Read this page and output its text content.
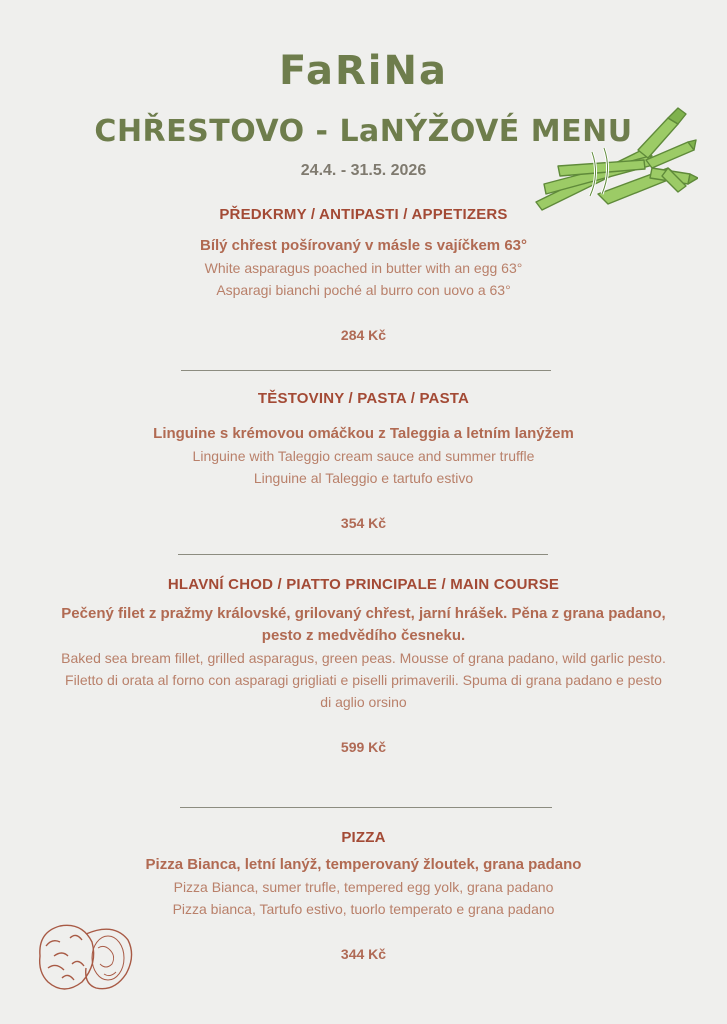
FaRiNa
CHŘESTOVO - LaNÝŽOVÉ MENU
24.4. - 31.5. 2026
PŘEDKRMY / ANTIPASTI / APPETIZERS
Bílý chřest pošírovaný v másle s vajíčkem 63°
White asparagus poached in butter with an egg 63°
Asparagi bianchi poché al burro con uovo a 63°
284 Kč
TĚSTOVINY / PASTA / PASTA
Linguine s krémovou omáčkou z Taleggia a letním lanýžem
Linguine with Taleggio cream sauce and summer truffle
Linguine al Taleggio e tartufo estivo
354 Kč
HLAVNÍ CHOD / PIATTO PRINCIPALE / MAIN COURSE
Pečený filet z pražmy královské, grilovaný chřest, jarní hrášek. Pěna z grana padano, pesto z medvědího česneku.
Baked sea bream fillet, grilled asparagus, green peas. Mousse of grana padano, wild garlic pesto.
Filetto di orata al forno con asparagi grigliati e piselli primaverili. Spuma di grana padano e pesto di aglio orsino
599 Kč
PIZZA
Pizza Bianca, letní lanýž, temperovaný žloutek, grana padano
Pizza Bianca, sumer trufle, tempered egg yolk, grana padano
Pizza bianca, Tartufo estivo, tuorlo temperato e grana padano
344 Kč
